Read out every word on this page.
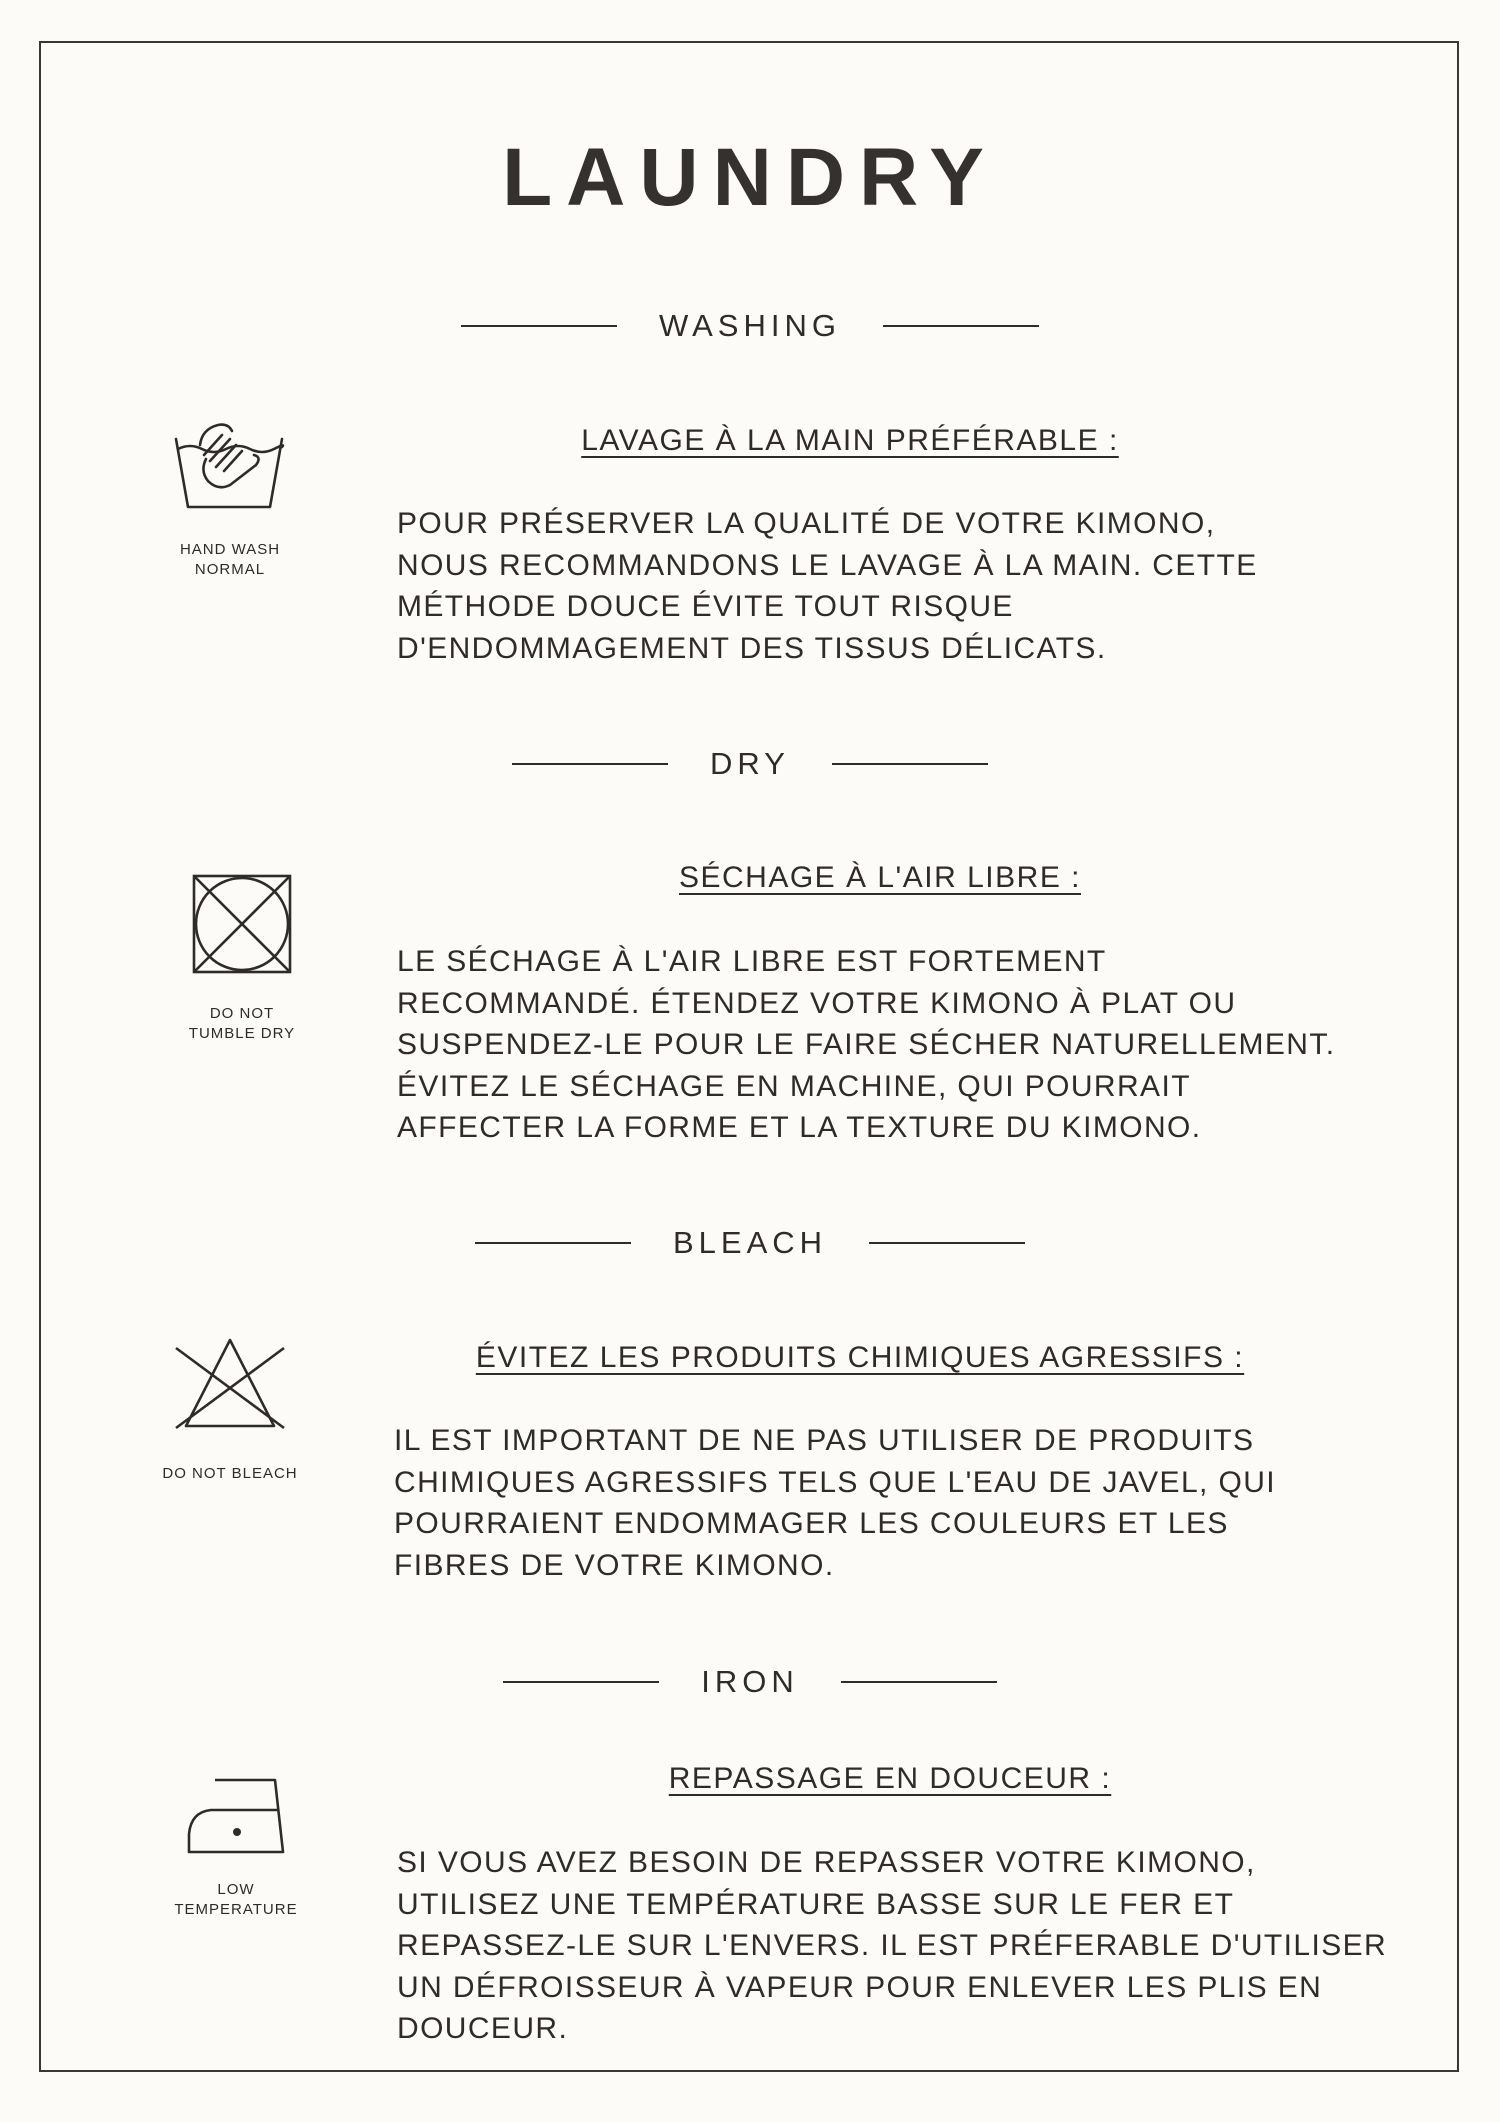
LAUNDRY
WASHING
HAND WASH
NORMAL
LAVAGE À LA MAIN PRÉFÉRABLE :
POUR PRÉSERVER LA QUALITÉ DE VOTRE KIMONO,
NOUS RECOMMANDONS LE LAVAGE À LA MAIN. CETTE
MÉTHODE DOUCE ÉVITE TOUT RISQUE
D'ENDOMMAGEMENT DES TISSUS DÉLICATS.
DRY
DO NOT
TUMBLE DRY
SÉCHAGE À L'AIR LIBRE :
LE SÉCHAGE À L'AIR LIBRE EST FORTEMENT
RECOMMANDÉ. ÉTENDEZ VOTRE KIMONO À PLAT OU
SUSPENDEZ-LE POUR LE FAIRE SÉCHER NATURELLEMENT.
ÉVITEZ LE SÉCHAGE EN MACHINE, QUI POURRAIT
AFFECTER LA FORME ET LA TEXTURE DU KIMONO.
BLEACH
DO NOT BLEACH
ÉVITEZ LES PRODUITS CHIMIQUES AGRESSIFS :
IL EST IMPORTANT DE NE PAS UTILISER DE PRODUITS
CHIMIQUES AGRESSIFS TELS QUE L'EAU DE JAVEL, QUI
POURRAIENT ENDOMMAGER LES COULEURS ET LES
FIBRES DE VOTRE KIMONO.
IRON
LOW
TEMPERATURE
REPASSAGE EN DOUCEUR :
SI VOUS AVEZ BESOIN DE REPASSER VOTRE KIMONO,
UTILISEZ UNE TEMPÉRATURE BASSE SUR LE FER ET
REPASSEZ-LE SUR L'ENVERS. IL EST PRÉFERABLE D'UTILISER
UN DÉFROISSEUR À VAPEUR POUR ENLEVER LES PLIS EN
DOUCEUR.
